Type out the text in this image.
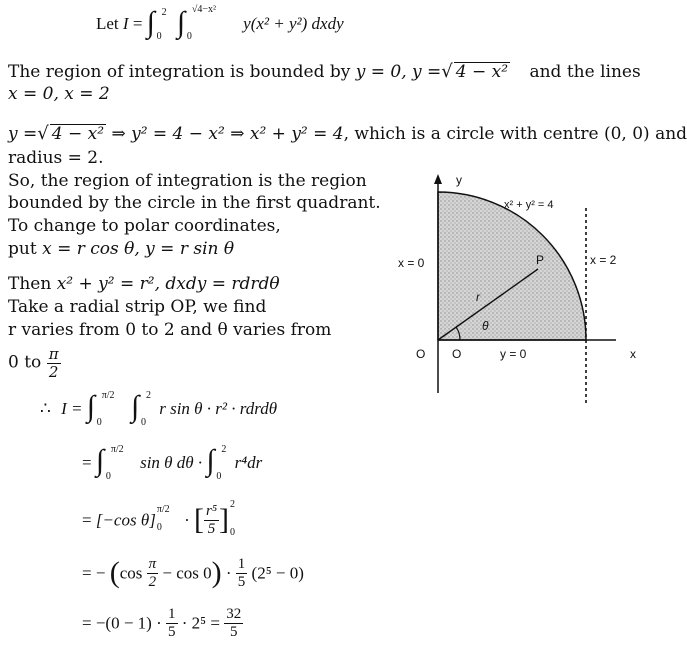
Let I = ∫ 2
0 ∫ √4−x²
0
y(x² + y²) dxdy
The region of integration is bounded by y = 0, y =√ 4 − x² and the lines
x = 0, x = 2
y =√ 4 − x² ⇒ y² = 4 − x² ⇒ x² + y² = 4, which is a circle with centre (0, 0) and
radius = 2.
So, the region of integration is the region
bounded by the circle in the first quadrant.
To change to polar coordinates,
put x = r cos θ, y = r sin θ
Then x² + y² = r², dxdy = rdrdθ
Take a radial strip OP, we find
r varies from 0 to 2 and θ varies from
0 to $\frac{\pi}{2}$
y
x² + y² = 4
x = 0	x = 2
P
r
θ
O O	y = 0	x
∴ I = ∫ π/2
0 ∫ 2
0
r sin θ · r² · rdrdθ
= ∫ π/2
0
sin θ dθ · ∫ 2
0
r⁴dr
= [−cos θ]
π/2
0 · [ $\frac{\text{r⁵}}{5}$ ] 2
0
= − $(\cos \frac{\pi}{2} - \cos 0) \cdot \frac{1}{5} (2^5 - 0)$
= $-(0 - 1) \cdot \frac{1}{5} \cdot 2^5 = \frac{32}{5}$
